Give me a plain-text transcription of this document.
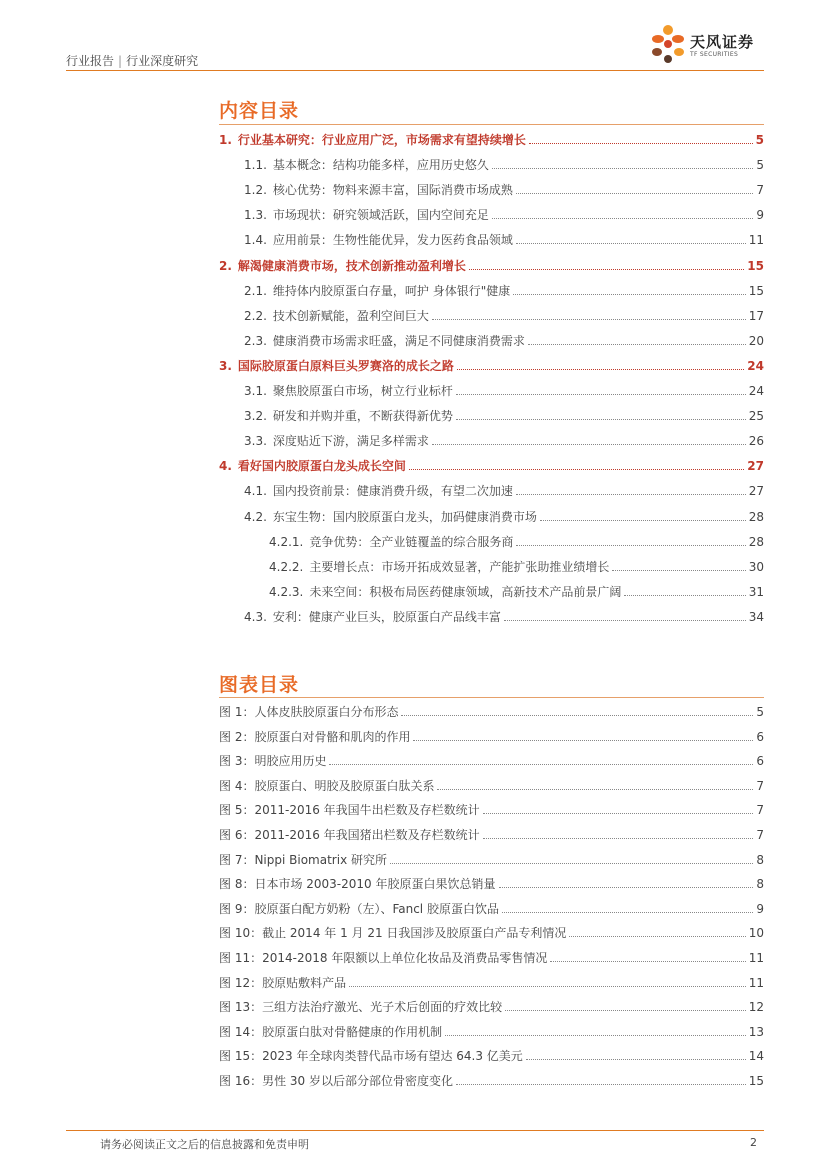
行业报告 | 行业深度研究
天风证券
TF SECURITIES
内容目录
1. 行业基本研究：行业应用广泛，市场需求有望持续增长	5
1.1. 基本概念：结构功能多样，应用历史悠久	5
1.2. 核心优势：物料来源丰富，国际消费市场成熟	7
1.3. 市场现状：研究领域活跃，国内空间充足	9
1.4. 应用前景：生物性能优异，发力医药食品领域	11
2. 解渴健康消费市场，技术创新推动盈利增长	15
2.1. 维持体内胶原蛋白存量，呵护 身体银行"健康	15
2.2. 技术创新赋能，盈利空间巨大	17
2.3. 健康消费市场需求旺盛，满足不同健康消费需求	20
3. 国际胶原蛋白原料巨头罗赛洛的成长之路	24
3.1. 聚焦胶原蛋白市场，树立行业标杆	24
3.2. 研发和并购并重，不断获得新优势	25
3.3. 深度贴近下游，满足多样需求	26
4. 看好国内胶原蛋白龙头成长空间	27
4.1. 国内投资前景：健康消费升级，有望二次加速	27
4.2. 东宝生物：国内胶原蛋白龙头，加码健康消费市场	28
4.2.1. 竞争优势：全产业链覆盖的综合服务商	28
4.2.2. 主要增长点：市场开拓成效显著，产能扩张助推业绩增长	30
4.2.3. 未来空间：积极布局医药健康领域，高新技术产品前景广阔	31
4.3. 安利：健康产业巨头，胶原蛋白产品线丰富	34
图表目录
图 1： 人体皮肤胶原蛋白分布形态	5
图 2： 胶原蛋白对骨骼和肌肉的作用	6
图 3： 明胶应用历史	6
图 4： 胶原蛋白、明胶及胶原蛋白肽关系	7
图 5： 2011-2016 年我国牛出栏数及存栏数统计	7
图 6： 2011-2016 年我国猪出栏数及存栏数统计	7
图 7： Nippi Biomatrix 研究所	8
图 8： 日本市场 2003-2010 年胶原蛋白果饮总销量	8
图 9： 胶原蛋白配方奶粉（左）、Fancl 胶原蛋白饮品	9
图 10： 截止 2014 年 1 月 21 日我国涉及胶原蛋白产品专利情况	10
图 11： 2014-2018 年限额以上单位化妆品及消费品零售情况	11
图 12： 胶原贴敷料产品	11
图 13： 三组方法治疗激光、光子术后创面的疗效比较	12
图 14： 胶原蛋白肽对骨骼健康的作用机制	13
图 15： 2023 年全球肉类替代品市场有望达 64.3 亿美元	14
图 16： 男性 30 岁以后部分部位骨密度变化	15
请务必阅读正文之后的信息披露和免责申明	2
